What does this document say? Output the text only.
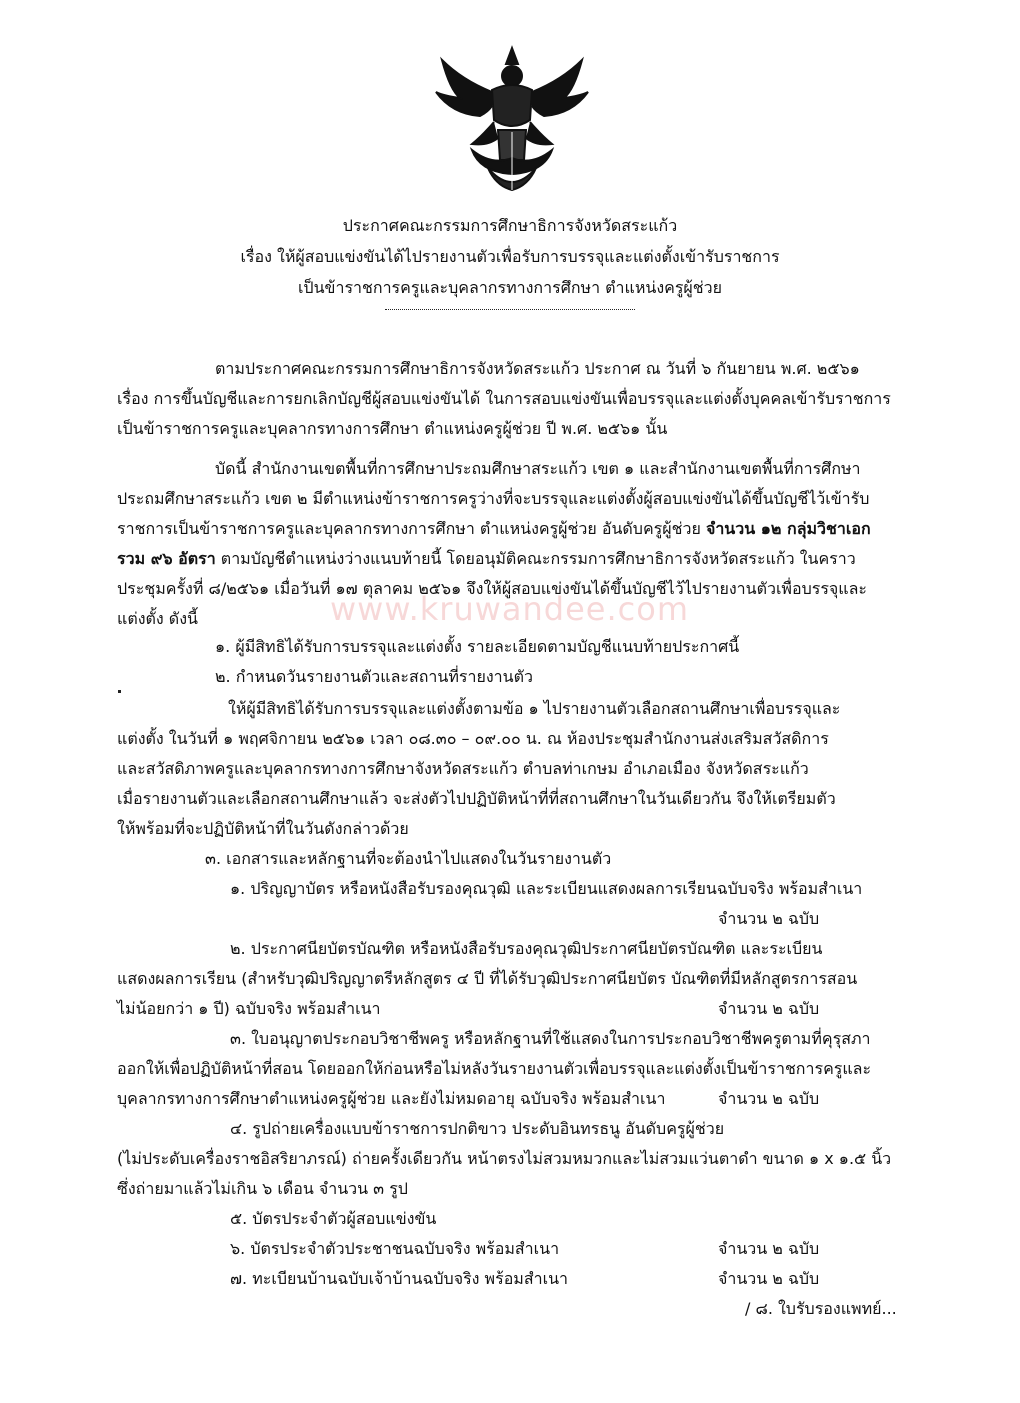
ประกาศคณะกรรมการศึกษาธิการจังหวัดสระแก้ว
เรื่อง ให้ผู้สอบแข่งขันได้ไปรายงานตัวเพื่อรับการบรรจุและแต่งตั้งเข้ารับราชการ
เป็นข้าราชการครูและบุคลากรทางการศึกษา ตำแหน่งครูผู้ช่วย
www.kruwandee.com
ตามประกาศคณะกรรมการศึกษาธิการจังหวัดสระแก้ว ประกาศ ณ วันที่ ๖ กันยายน พ.ศ. ๒๕๖๑
เรื่อง การขึ้นบัญชีและการยกเลิกบัญชีผู้สอบแข่งขันได้ ในการสอบแข่งขันเพื่อบรรจุและแต่งตั้งบุคคลเข้ารับราชการ
เป็นข้าราชการครูและบุคลากรทางการศึกษา ตำแหน่งครูผู้ช่วย ปี พ.ศ. ๒๕๖๑ นั้น
บัดนี้ สำนักงานเขตพื้นที่การศึกษาประถมศึกษาสระแก้ว เขต ๑ และสำนักงานเขตพื้นที่การศึกษา
ประถมศึกษาสระแก้ว เขต ๒ มีตำแหน่งข้าราชการครูว่างที่จะบรรจุและแต่งตั้งผู้สอบแข่งขันได้ขึ้นบัญชีไว้เข้ารับ
ราชการเป็นข้าราชการครูและบุคลากรทางการศึกษา ตำแหน่งครูผู้ช่วย อันดับครูผู้ช่วย จำนวน ๑๒ กลุ่มวิชาเอก
รวม ๙๖ อัตรา ตามบัญชีตำแหน่งว่างแนบท้ายนี้ โดยอนุมัติคณะกรรมการศึกษาธิการจังหวัดสระแก้ว ในคราว
ประชุมครั้งที่ ๘/๒๕๖๑ เมื่อวันที่ ๑๗ ตุลาคม ๒๕๖๑ จึงให้ผู้สอบแข่งขันได้ขึ้นบัญชีไว้ไปรายงานตัวเพื่อบรรจุและ
แต่งตั้ง ดังนี้
๑. ผู้มีสิทธิได้รับการบรรจุและแต่งตั้ง รายละเอียดตามบัญชีแนบท้ายประกาศนี้
๒. กำหนดวันรายงานตัวและสถานที่รายงานตัว
ให้ผู้มีสิทธิได้รับการบรรจุและแต่งตั้งตามข้อ ๑ ไปรายงานตัวเลือกสถานศึกษาเพื่อบรรจุและ
แต่งตั้ง ในวันที่ ๑ พฤศจิกายน ๒๕๖๑ เวลา ๐๘.๓๐ – ๐๙.๐๐ น. ณ ห้องประชุมสำนักงานส่งเสริมสวัสดิการ
และสวัสดิภาพครูและบุคลากรทางการศึกษาจังหวัดสระแก้ว ตำบลท่าเกษม อำเภอเมือง จังหวัดสระแก้ว
เมื่อรายงานตัวและเลือกสถานศึกษาแล้ว จะส่งตัวไปปฏิบัติหน้าที่ที่สถานศึกษาในวันเดียวกัน จึงให้เตรียมตัว
ให้พร้อมที่จะปฏิบัติหน้าที่ในวันดังกล่าวด้วย
๓. เอกสารและหลักฐานที่จะต้องนำไปแสดงในวันรายงานตัว
๑. ปริญญาบัตร หรือหนังสือรับรองคุณวุฒิ และระเบียนแสดงผลการเรียนฉบับจริง พร้อมสำเนา
จำนวน ๒ ฉบับ
๒. ประกาศนียบัตรบัณฑิต หรือหนังสือรับรองคุณวุฒิประกาศนียบัตรบัณฑิต และระเบียน
แสดงผลการเรียน (สำหรับวุฒิปริญญาตรีหลักสูตร ๔ ปี ที่ได้รับวุฒิประกาศนียบัตร บัณฑิตที่มีหลักสูตรการสอน
ไม่น้อยกว่า ๑ ปี) ฉบับจริง พร้อมสำเนา	จำนวน ๒ ฉบับ
๓. ใบอนุญาตประกอบวิชาชีพครู หรือหลักฐานที่ใช้แสดงในการประกอบวิชาชีพครูตามที่คุรุสภา
ออกให้เพื่อปฏิบัติหน้าที่สอน โดยออกให้ก่อนหรือไม่หลังวันรายงานตัวเพื่อบรรจุและแต่งตั้งเป็นข้าราชการครูและ
บุคลากรทางการศึกษาตำแหน่งครูผู้ช่วย และยังไม่หมดอายุ ฉบับจริง พร้อมสำเนา	จำนวน ๒ ฉบับ
๔. รูปถ่ายเครื่องแบบข้าราชการปกติขาว ประดับอินทรธนู อันดับครูผู้ช่วย
(ไม่ประดับเครื่องราชอิสริยาภรณ์) ถ่ายครั้งเดียวกัน หน้าตรงไม่สวมหมวกและไม่สวมแว่นตาดำ ขนาด ๑ x ๑.๕ นิ้ว
ซึ่งถ่ายมาแล้วไม่เกิน ๖ เดือน จำนวน ๓ รูป
๕. บัตรประจำตัวผู้สอบแข่งขัน
๖. บัตรประจำตัวประชาชนฉบับจริง พร้อมสำเนา	จำนวน ๒ ฉบับ
๗. ทะเบียนบ้านฉบับเจ้าบ้านฉบับจริง พร้อมสำเนา	จำนวน ๒ ฉบับ
/ ๘. ใบรับรองแพทย์...
